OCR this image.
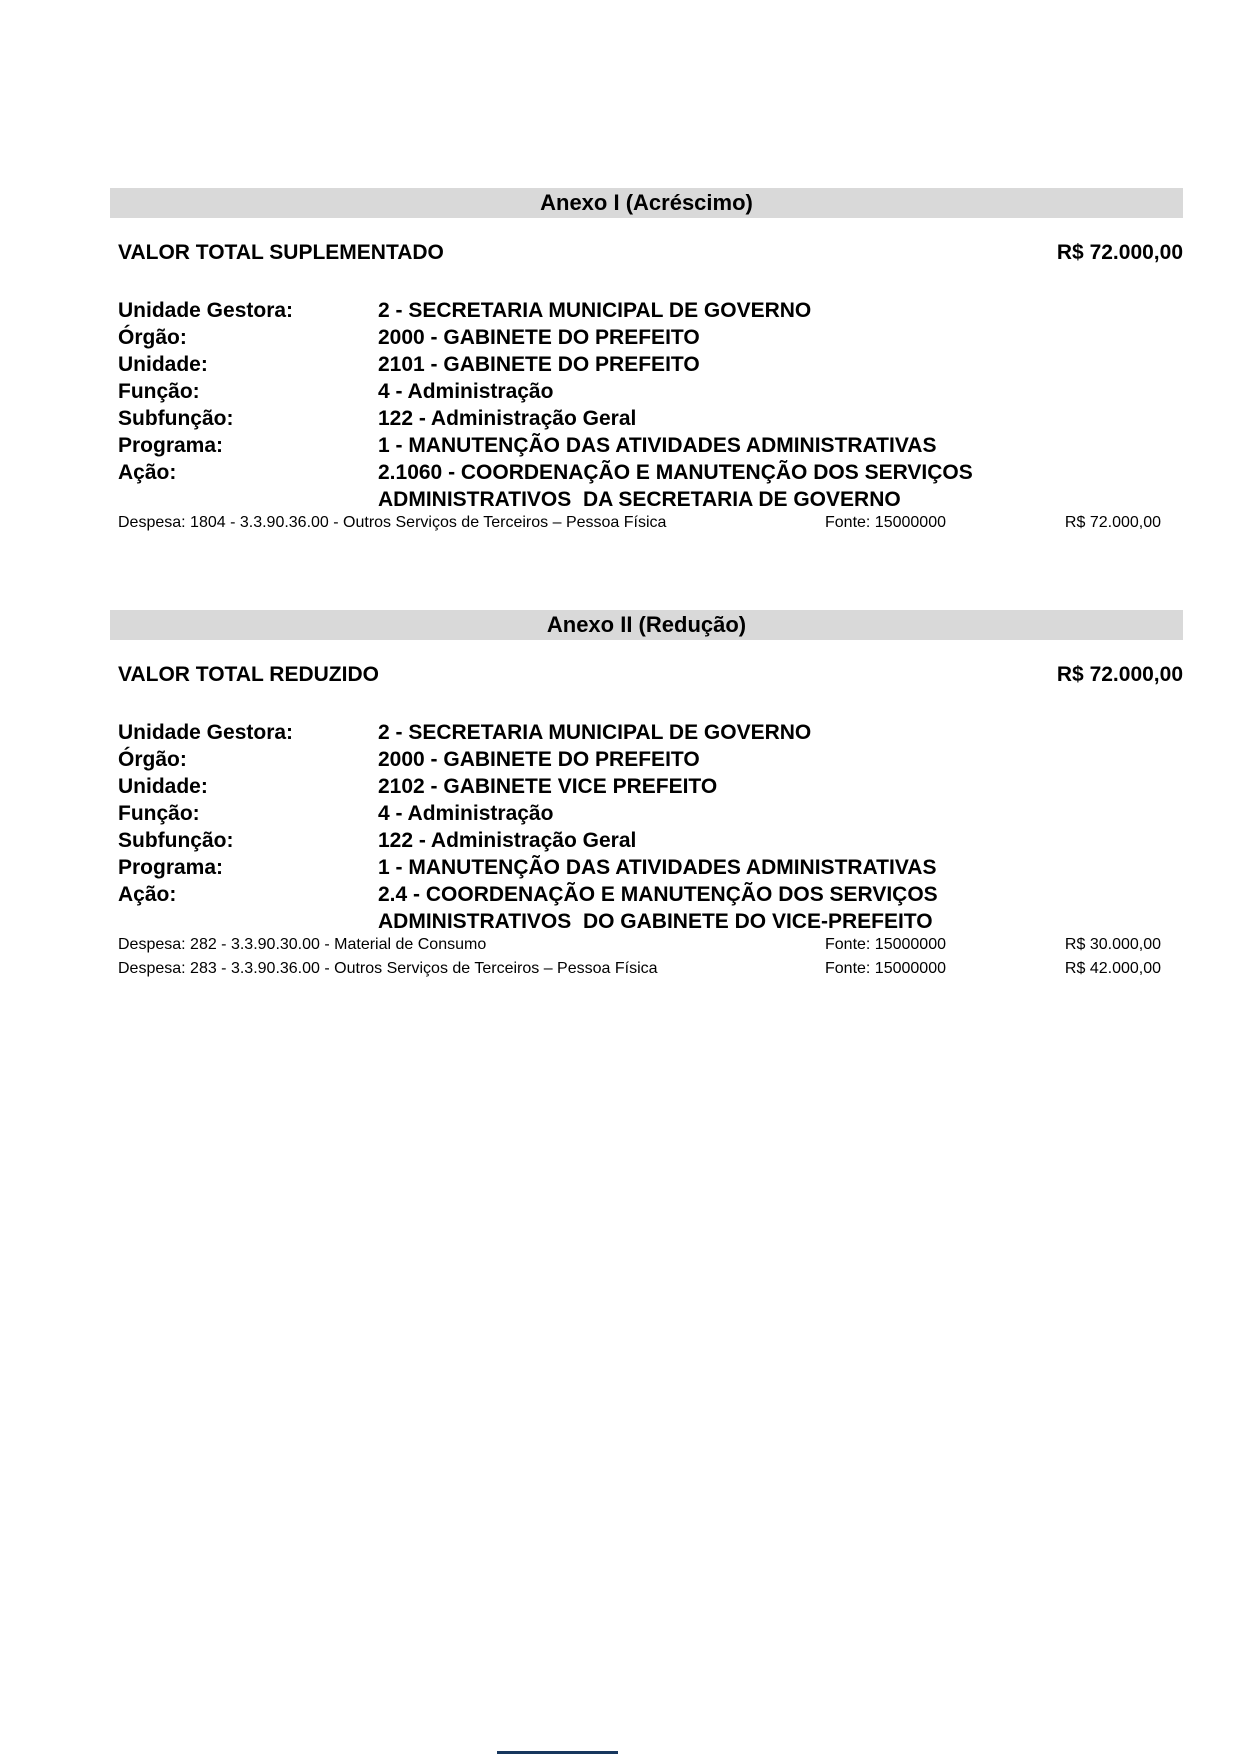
Anexo I (Acréscimo)
VALOR TOTAL SUPLEMENTADO	R$ 72.000,00
Unidade Gestora:	2 - SECRETARIA MUNICIPAL DE GOVERNO
Órgão:	2000 - GABINETE DO PREFEITO
Unidade:	2101 - GABINETE DO PREFEITO
Função:	4 - Administração
Subfunção:	122 - Administração Geral
Programa:	1 - MANUTENÇÃO DAS ATIVIDADES ADMINISTRATIVAS
Ação:	2.1060 - COORDENAÇÃO E MANUTENÇÃO DOS SERVIÇOS
ADMINISTRATIVOS  DA SECRETARIA DE GOVERNO
Despesa: 1804 - 3.3.90.36.00 - Outros Serviços de Terceiros – Pessoa Física	Fonte: 15000000	R$ 72.000,00
Anexo II (Redução)
VALOR TOTAL REDUZIDO	R$ 72.000,00
Unidade Gestora:	2 - SECRETARIA MUNICIPAL DE GOVERNO
Órgão:	2000 - GABINETE DO PREFEITO
Unidade:	2102 - GABINETE VICE PREFEITO
Função:	4 - Administração
Subfunção:	122 - Administração Geral
Programa:	1 - MANUTENÇÃO DAS ATIVIDADES ADMINISTRATIVAS
Ação:	2.4 - COORDENAÇÃO E MANUTENÇÃO DOS SERVIÇOS
ADMINISTRATIVOS  DO GABINETE DO VICE-PREFEITO
Despesa: 282 - 3.3.90.30.00 - Material de Consumo	Fonte: 15000000	R$ 30.000,00
Despesa: 283 - 3.3.90.36.00 - Outros Serviços de Terceiros – Pessoa Física	Fonte: 15000000	R$ 42.000,00
